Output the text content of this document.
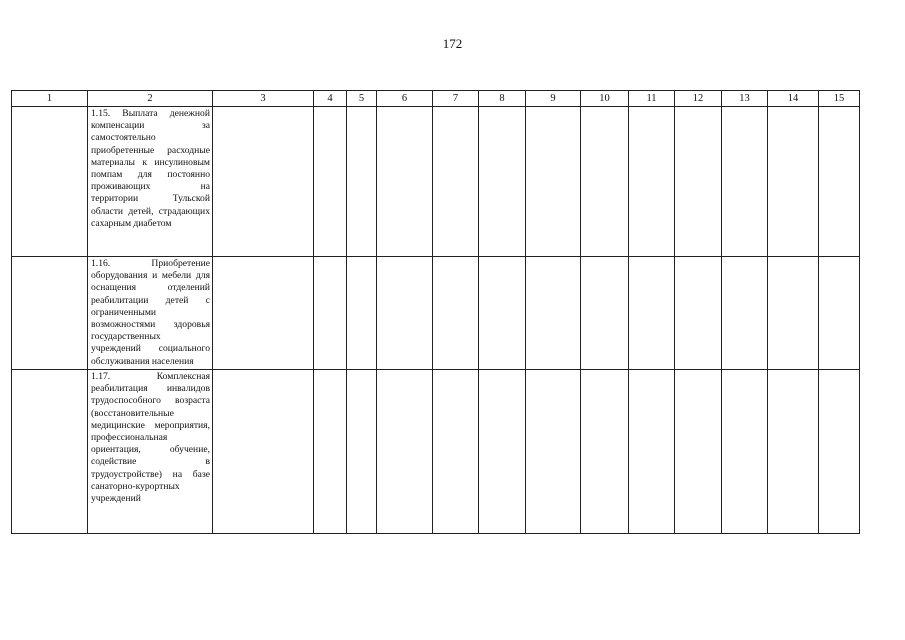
172
1	2	3	4	5	6	7	8	9	10	11	12	13	14	15
	1.15. Выплата денежной компенсации за самостоятельно приобретенные расходные материалы к инсулиновым помпам для постоянно проживающих на территории Тульской области детей, страдающих сахарным диабетом													
	1.16. Приобретение оборудования и мебели для оснащения отделений реабилитации детей с ограниченными возможностями здоровья государственных учреждений социального обслуживания населения													
	1.17. Комплексная реабилитация инвалидов трудоспособного возраста (восстановительные медицинские мероприятия, профессиональная ориентация, обучение, содействие в трудоустройстве) на базе санаторно-курортных учреждений													
